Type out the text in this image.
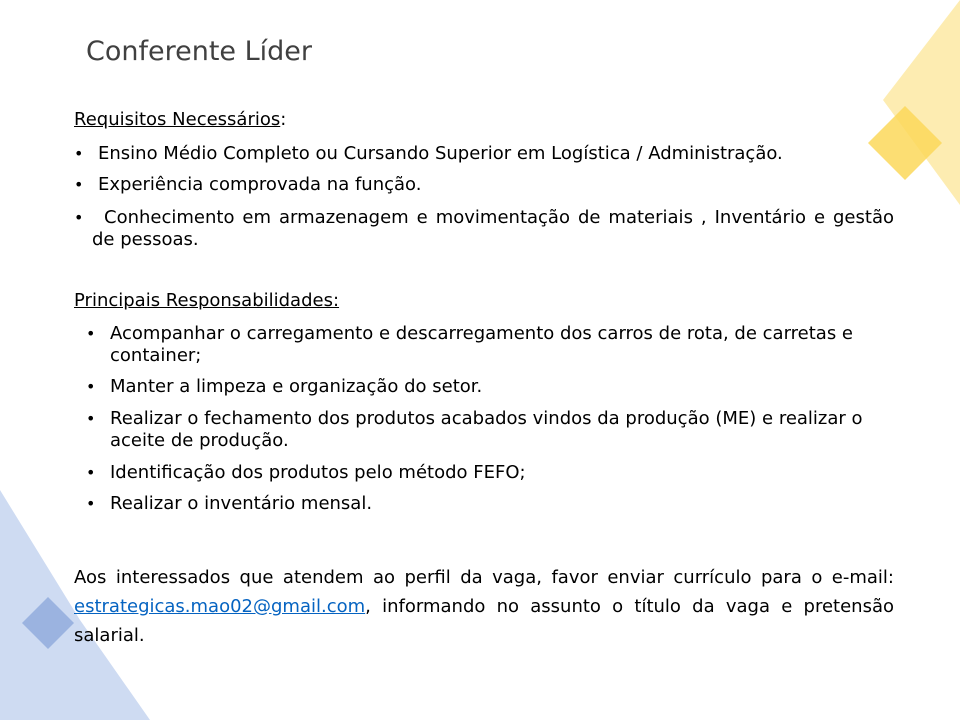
Conferente Líder
Requisitos Necessários:
• Ensino Médio Completo ou Cursando Superior em Logística / Administração.
• Experiência comprovada na função.
•	Conhecimento em armazenagem e movimentação de materiais , Inventário e gestão de pessoas.
Principais Responsabilidades:
• Acompanhar o carregamento e descarregamento dos carros de rota, de carretas e container;
• Manter a limpeza e organização do setor.
• Realizar o fechamento dos produtos acabados vindos da produção (ME) e realizar o aceite de produção.
• Identificação dos produtos pelo método FEFO;
• Realizar o inventário mensal.
Aos interessados que atendem ao perfil da vaga, favor enviar currículo para o e-mail: estrategicas.mao02@gmail.com, informando no assunto o título da vaga e pretensão salarial.
